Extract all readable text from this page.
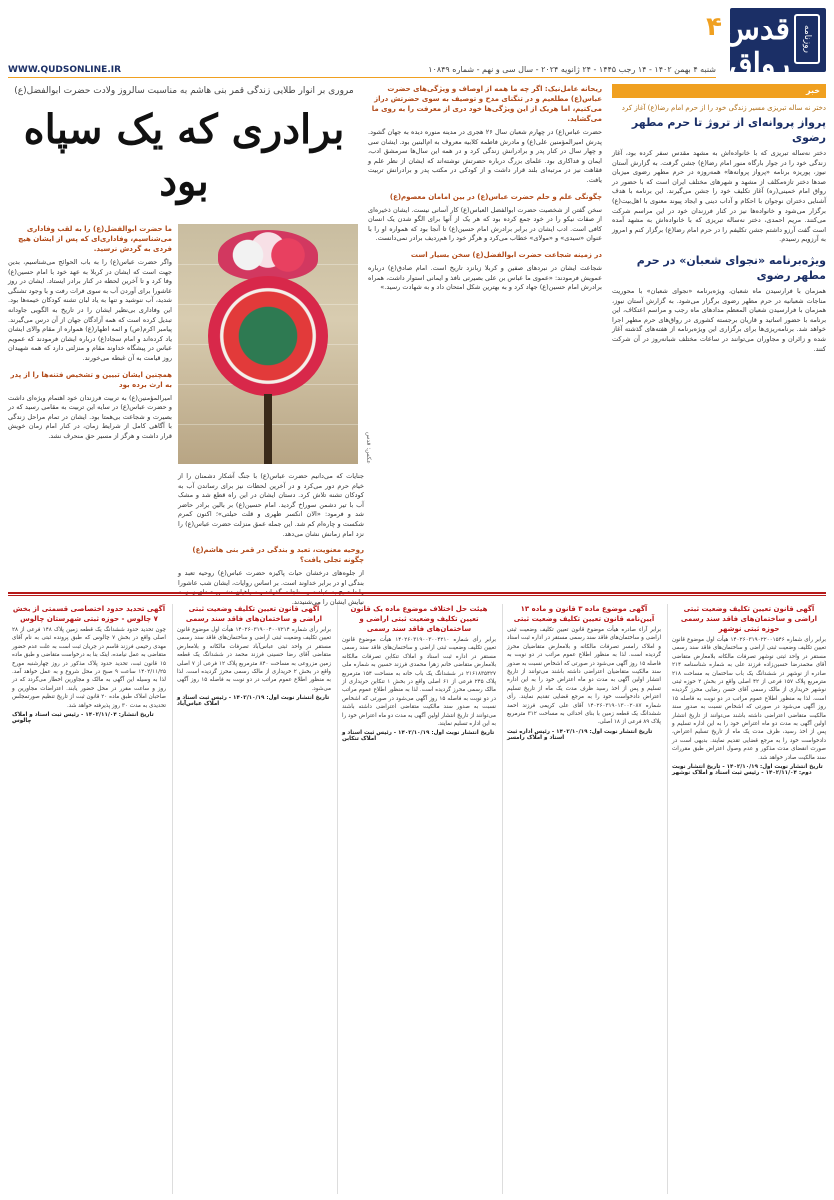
روزنامه
قدس رواق
۴
شنبه ۴ بهمن ۱۴۰۲ - ۱۴ رجب ۱۴۴۵ - ۲۴ ژانویه ۲۰۲۴ - سال سی و نهم - شماره ۱۰۸۴۹
WWW.QUDSONLINE.IR
خبر
دختر نه ساله تبریزی مسیر زندگی خود را از حرم امام رضا(ع) آغاز کرد
پرواز پروانه‌ای از تروژ تا حرم مطهر رضوی
دختر نه‌ساله تبریزی که با خانواده‌اش به مشهد مقدس سفر کرده بود، آغاز زندگی خود را در جوار بارگاه منور امام رضا(ع) جشن گرفت. به گزارش آستان نیوز، پوریزه برنامه «پرواز پروانه‌ها» همه‌روزه در حرم مطهر رضوی میزبان صدها دختر تازه‌مکلف از مشهد و شهرهای مختلف ایران است که با حضور در رواق امام خمینی(ره) آغاز تکلیف خود را جشن می‌گیرند. این برنامه با هدف آشنایی دختران نوجوان با احکام و آداب دینی و ایجاد پیوند معنوی با اهل‌بیت(ع) برگزار می‌شود و خانواده‌ها نیز در کنار فرزندان خود در این مراسم شرکت می‌کنند. مریم احمدی، دختر نه‌ساله تبریزی که با خانواده‌اش به مشهد آمده است گفت آرزو داشتم جشن تکلیفم را در حرم امام رضا(ع) برگزار کنم و امروز به آرزویم رسیدم.
ویژه‌برنامه «نجوای شعبان» در حرم مطهر رضوی
همزمان با فرارسیدن ماه شعبان، ویژه‌برنامه «نجوای شعبان» با محوریت مناجات شعبانیه در حرم مطهر رضوی برگزار می‌شود. به گزارش آستان نیوز، همزمان با فرارسیدن شعبان المعظم مدادهای ماه رجب و مراسم اعتکاف، این برنامه با حضور اساتید و قاریان برجسته کشوری در رواق‌های حرم مطهر اجرا خواهد شد. برنامه‌ریزی‌ها برای برگزاری این ویژه‌برنامه از هفته‌های گذشته آغاز شده و زائران و مجاوران می‌توانند در ساعات مختلف شبانه‌روز در آن شرکت کنند.
ریحانه عامل‌نیک: اگر چه ما همه از اوصاف و ویژگی‌های حضرت عباس(ع) مطلعیم و در تنگنای مدح و توصیف به سوی حضرتش دراز می‌کنیم، اما هریک از این ویژگی‌ها خود دری از معرفت را به روی ما می‌گشاید.
حضرت عباس(ع) در چهارم شعبان سال ۲۶ هجری در مدینه منوره دیده به جهان گشود. پدرش امیرالمؤمنین علی(ع) و مادرش فاطمه کلابیه معروف به ام‌البنین بود. ایشان سی و چهار سال در کنار پدر و برادرانش زندگی کرد و در همه این سال‌ها سرمشق ادب، ایمان و فداکاری بود. علمای بزرگ درباره حضرتش نوشته‌اند که ایشان از نظر علم و فقاهت نیز در مرتبه‌ای بلند قرار داشت و از کودکی در مکتب پدر و برادرانش تربیت یافت.
چگونگی علم و حلم حضرت عباس(ع) در بین امامان معصوم(ع)
سخن گفتن از شخصیت حضرت ابوالفضل العباس(ع) کار آسانی نیست. ایشان ذخیره‌ای از صفات نیکو را در خود جمع کرده بود که هر یک از آنها برای الگو شدن یک انسان کافی است. ادب ایشان در برابر برادرش امام حسین(ع) تا آنجا بود که همواره او را با عنوان «سیدی» و «مولای» خطاب می‌کرد و هرگز خود را هم‌ردیف برادر نمی‌دانست.
در زمینه شجاعت حضرت ابوالفضل(ع) سخن بسیار است
شجاعت ایشان در نبردهای صفین و کربلا زبانزد تاریخ است. امام صادق(ع) درباره عمویش فرمودند: «عموی ما عباس بن علی بصیرتی نافذ و ایمانی استوار داشت، همراه برادرش امام حسین(ع) جهاد کرد و به بهترین شکل امتحان داد و به شهادت رسید.»
مروری بر انوار طلایی زندگی قمر بنی هاشم به مناسبت سالروز ولادت حضرت ابوالفضل(ع)
برادری که یک سپاه بود
عکس: قدس
ما حضرت ابوالفضل(ع) را به لقب وفاداری می‌شناسیم، وفاداری‌ای که پس از ایشان هیچ فردی به گردش نرسید.
واگر حضرت عباس(ع) را به باب الحوائج می‌شناسیم، بدین جهت است که ایشان در کربلا به عهد خود با امام حسین(ع) وفا کرد و تا آخرین لحظه در کنار برادر ایستاد. ایشان در روز عاشورا برای آوردن آب به سوی فرات رفت و با وجود تشنگی شدید، آب ننوشید و تنها به یاد لبان تشنه کودکان خیمه‌ها بود. این وفاداری بی‌نظیر ایشان را در تاریخ به الگویی جاودانه تبدیل کرده است که همه آزادگان جهان از آن درس می‌گیرند. پیامبر اکرم(ص) و ائمه اطهار(ع) همواره از مقام والای ایشان یاد کرده‌اند و امام سجاد(ع) درباره ایشان فرمودند که عمویم عباس در پیشگاه خداوند مقام و منزلتی دارد که همه شهیدان روز قیامت به آن غبطه می‌خورند.
همچنین ایشان تبیین و تشخیص فتنه‌ها را از پدر به ارث برده بود
امیرالمؤمنین(ع) به تربیت فرزندان خود اهتمام ویژه‌ای داشت و حضرت عباس(ع) در سایه این تربیت به مقامی رسید که در بصیرت و شجاعت بی‌همتا بود. ایشان در تمام مراحل زندگی با آگاهی کامل از شرایط زمان، در کنار امام زمان خویش قرار داشت و هرگز از مسیر حق منحرف نشد.
جنایات که می‌دانیم حضرت عباس(ع) با جنگ آشکار دشمنان را از خیام حرم دور می‌کرد و در آخرین لحظات نیز برای رساندن آب به کودکان تشنه تلاش کرد. دستان ایشان در این راه قطع شد و مشک آب با تیر دشمن سوراخ گردید. امام حسین(ع) بر بالین برادر حاضر شد و فرمود: «الان انکسر ظهری و قلت حیلتی»؛ اکنون کمرم شکست و چاره‌ام کم شد. این جمله عمق منزلت حضرت عباس(ع) را نزد امام زمانش نشان می‌دهد.
روحیه معنویت، تعبد و بندگی در قمر بنی هاشم(ع) چگونه تجلی یافت؟
از جلوه‌های درخشان حیات پاکیزه حضرت عباس(ع) روحیه تعبد و بندگی او در برابر خداوند است. بر اساس روایات، ایشان شب عاشورا را تا صبح به عبادت و مناجات گذراند و سپاهیان دشمن صدای زمزمه نیایش ایشان را می‌شنیدند.
آگهی قانون تعیین تکلیف وضعیت ثبتی اراضی و ساختمان‌های فاقد سند رسمی حوزه ثبتی نوشهر
برابر رأی شماره ۱۴۰۲۶۰۳۱۹۰۲۲۰۰۱۵۴۶ هیأت اول موضوع قانون تعیین تکلیف وضعیت ثبتی اراضی و ساختمان‌های فاقد سند رسمی مستقر در واحد ثبتی نوشهر تصرفات مالکانه بلامعارض متقاضی آقای محمدرضا حسین‌زاده فرزند علی به شماره شناسنامه ۲۱۴ صادره از نوشهر در ششدانگ یک باب ساختمان به مساحت ۲۱۸ مترمربع پلاک ۱۵۷ فرعی از ۴۲ اصلی واقع در بخش ۲ حوزه ثبتی نوشهر خریداری از مالک رسمی آقای حسن رضایی محرز گردیده است. لذا به منظور اطلاع عموم مراتب در دو نوبت به فاصله ۱۵ روز آگهی می‌شود در صورتی که اشخاص نسبت به صدور سند مالکیت متقاضی اعتراضی داشته باشند می‌توانند از تاریخ انتشار اولین آگهی به مدت دو ماه اعتراض خود را به این اداره تسلیم و پس از اخذ رسید، ظرف مدت یک ماه از تاریخ تسلیم اعتراض، دادخواست خود را به مرجع قضایی تقدیم نمایند. بدیهی است در صورت انقضای مدت مذکور و عدم وصول اعتراض طبق مقررات سند مالکیت صادر خواهد شد.
تاریخ انتشار نوبت اول: ۱۴۰۲/۱۰/۱۹ - تاریخ انتشار نوبت دوم: ۱۴۰۲/۱۱/۰۴ - رئیس ثبت اسناد و املاک نوشهر
آگهی موضوع ماده ۳ قانون و ماده ۱۳ آیین‌نامه قانون تعیین تکلیف وضعیت ثبتی
برابر آراء صادره هیأت موضوع قانون تعیین تکلیف وضعیت ثبتی اراضی و ساختمان‌های فاقد سند رسمی مستقر در اداره ثبت اسناد و املاک رامسر تصرفات مالکانه و بلامعارض متقاضیان محرز گردیده است. لذا به منظور اطلاع عموم مراتب در دو نوبت به فاصله ۱۵ روز آگهی می‌شود در صورتی که اشخاص نسبت به صدور سند مالکیت متقاضیان اعتراضی داشته باشند می‌توانند از تاریخ انتشار اولین آگهی به مدت دو ماه اعتراض خود را به این اداره تسلیم و پس از اخذ رسید ظرف مدت یک ماه از تاریخ تسلیم اعتراض دادخواست خود را به مرجع قضایی تقدیم نمایند. رأی شماره ۱۴۰۲۶۰۳۱۹۰۱۳۰۰۲۰۸۷ آقای علی کریمی فرزند احمد ششدانگ یک قطعه زمین با بنای احداثی به مساحت ۳۱۲ مترمربع پلاک ۸۹ فرعی از ۱۸ اصلی.
تاریخ انتشار نوبت اول: ۱۴۰۲/۱۰/۱۹ - رئیس اداره ثبت اسناد و املاک رامسر
هیئت حل اختلاف موضوع ماده یک قانون تعیین تکلیف وضعیت ثبتی اراضی و ساختمان‌های فاقد سند رسمی
برابر رأی شماره ۱۴۰۲۶۰۳۱۹۰۰۳۰۰۴۲۱۰ هیأت موضوع قانون تعیین تکلیف وضعیت ثبتی اراضی و ساختمان‌های فاقد سند رسمی مستقر در اداره ثبت اسناد و املاک تنکابن تصرفات مالکانه بلامعارض متقاضی خانم زهرا محمدی فرزند حسین به شماره ملی ۲۱۶۱۸۳۵۴۲۷ در ششدانگ یک باب خانه به مساحت ۱۵۴ مترمربع پلاک ۲۴۵ فرعی از ۶۱ اصلی واقع در بخش ۱ تنکابن خریداری از مالک رسمی محرز گردیده است. لذا به منظور اطلاع عموم مراتب در دو نوبت به فاصله ۱۵ روز آگهی می‌شود در صورتی که اشخاص نسبت به صدور سند مالکیت متقاضی اعتراضی داشته باشند می‌توانند از تاریخ انتشار اولین آگهی به مدت دو ماه اعتراض خود را به این اداره تسلیم نمایند.
تاریخ انتشار نوبت اول: ۱۴۰۲/۱۰/۱۹ - رئیس ثبت اسناد و املاک تنکابن
آگهی قانون تعیین تکلیف وضعیت ثبتی اراضی و ساختمان‌های فاقد سند رسمی
برابر رأی شماره ۱۴۰۲۶۰۳۱۹۰۰۴۰۰۷۲۱۴ هیأت اول موضوع قانون تعیین تکلیف وضعیت ثبتی اراضی و ساختمان‌های فاقد سند رسمی مستقر در واحد ثبتی عباس‌آباد تصرفات مالکانه و بلامعارض متقاضی آقای رضا حسینی فرزند محمد در ششدانگ یک قطعه زمین مزروعی به مساحت ۸۴۰ مترمربع پلاک ۱۲ فرعی از ۷ اصلی واقع در بخش ۲ خریداری از مالک رسمی محرز گردیده است. لذا به منظور اطلاع عموم مراتب در دو نوبت به فاصله ۱۵ روز آگهی می‌شود.
تاریخ انتشار نوبت اول: ۱۴۰۲/۱۰/۱۹ - رئیس ثبت اسناد و املاک عباس‌آباد
آگهی تحدید حدود اختصاصی قسمتی از بخش ۷ چالوس - حوزه ثبتی شهرستان چالوس
چون تحدید حدود ششدانگ یک قطعه زمین پلاک ۱۴۸ فرعی از ۲۸ اصلی واقع در بخش ۷ چالوس که طبق پرونده ثبتی به نام آقای مهدی رحیمی فرزند قاسم در جریان ثبت است به علت عدم حضور متقاضی به عمل نیامده، اینک بنا به درخواست متقاضی و طبق ماده ۱۵ قانون ثبت، تحدید حدود پلاک مذکور در روز چهارشنبه مورخ ۱۴۰۲/۱۱/۲۵ ساعت ۹ صبح در محل شروع و به عمل خواهد آمد. لذا به وسیله این آگهی به مالک و مجاورین اخطار می‌گردد که در روز و ساعت مقرر در محل حضور یابند. اعتراضات مجاورین و صاحبان املاک طبق ماده ۲۰ قانون ثبت از تاریخ تنظیم صورتمجلس تحدیدی به مدت ۳۰ روز پذیرفته خواهد شد.
تاریخ انتشار: ۱۴۰۲/۱۱/۰۴ - رئیس ثبت اسناد و املاک چالوس
